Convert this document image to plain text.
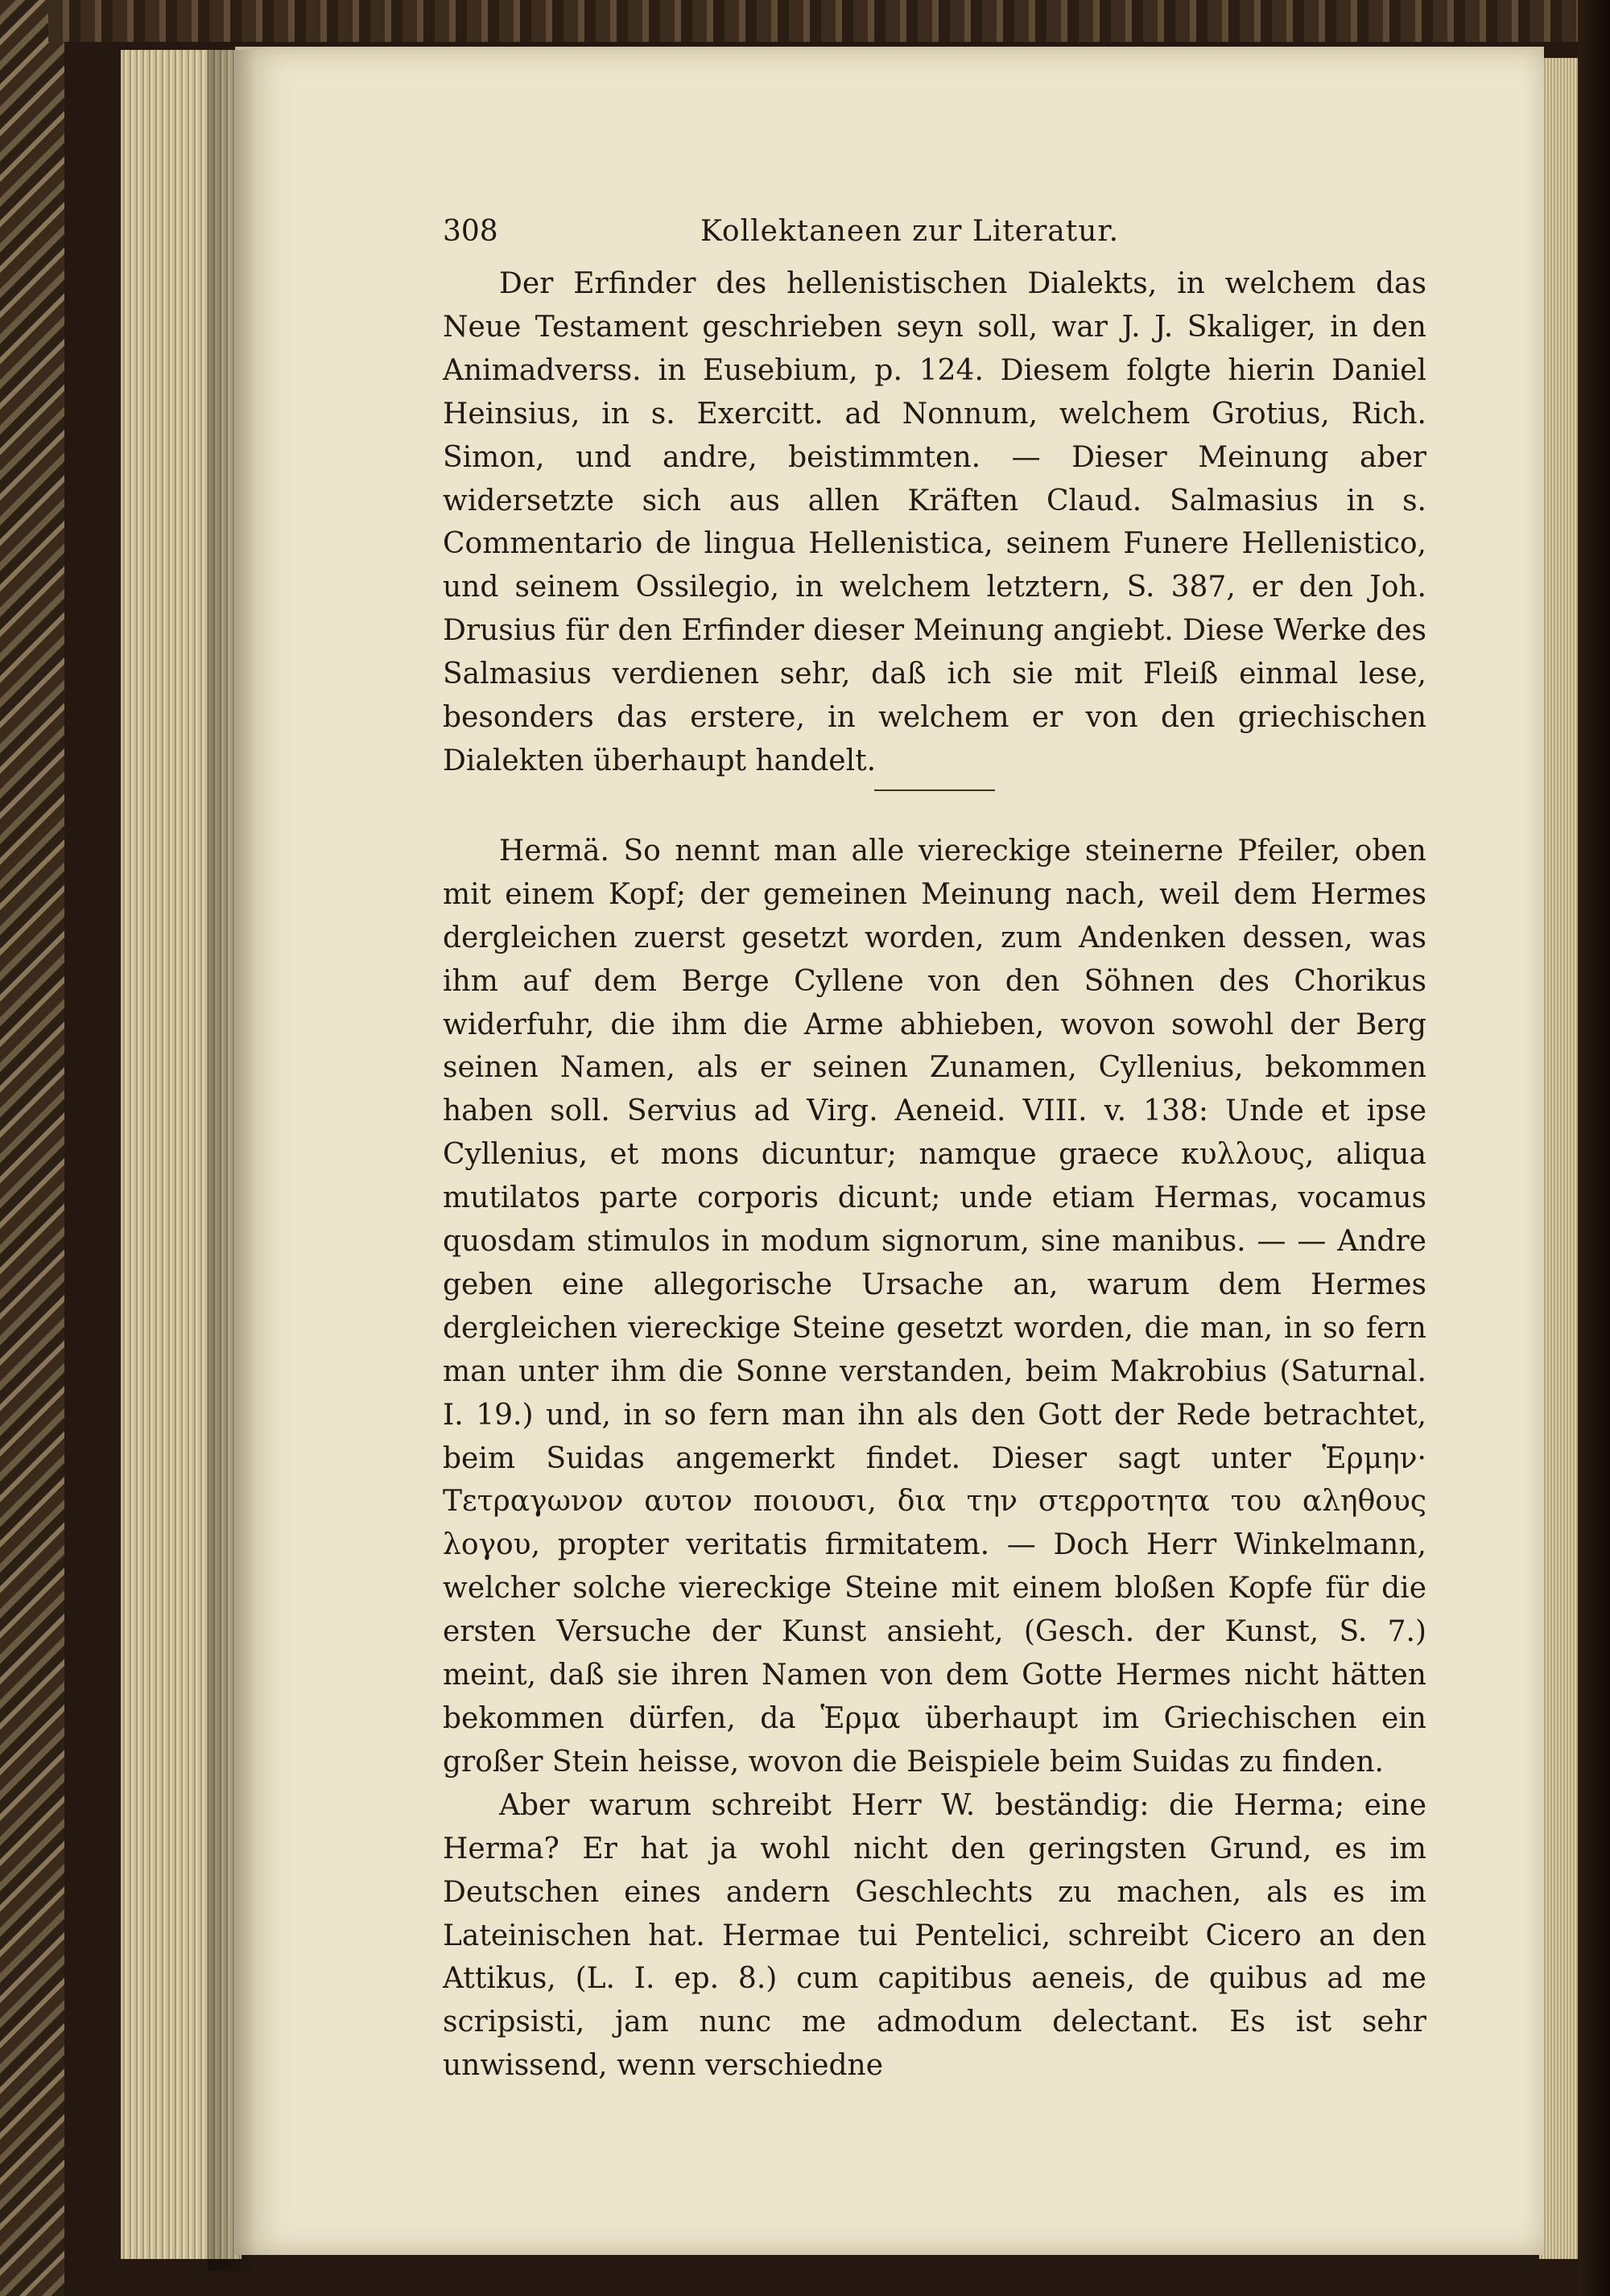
308	Kollektaneen zur Literatur.

Der Erfinder des hellenistischen Dialekts, in welchem das Neue Testament geschrieben seyn soll, war J. J. Skaliger, in den Animadverss. in Eusebium, p. 124. Diesem folgte hierin Daniel Heinsius, in s. Exercitt. ad Nonnum, welchem Grotius, Rich. Simon, und andre, beistimmten. — Dieser Meinung aber widersetzte sich aus allen Kräften Claud. Salmasius in s. Commentario de lingua Hellenistica, seinem Funere Hellenistico, und seinem Ossilegio, in welchem letztern, S. 387, er den Joh. Drusius für den Erfinder dieser Meinung angiebt. Diese Werke des Salmasius verdienen sehr, daß ich sie mit Fleiß einmal lese, besonders das erstere, in welchem er von den griechischen Dialekten überhaupt handelt.

Hermä. So nennt man alle viereckige steinerne Pfeiler, oben mit einem Kopf; der gemeinen Meinung nach, weil dem Hermes dergleichen zuerst gesetzt worden, zum Andenken dessen, was ihm auf dem Berge Cyllene von den Söhnen des Chorikus widerfuhr, die ihm die Arme abhieben, wovon sowohl der Berg seinen Namen, als er seinen Zunamen, Cyllenius, bekommen haben soll. Servius ad Virg. Aeneid. VIII. v. 138: Unde et ipse Cyllenius, et mons dicuntur; namque graece κυλλους, aliqua mutilatos parte corporis dicunt; unde etiam Hermas, vocamus quosdam stimulos in modum signorum, sine manibus. — — Andre geben eine allegorische Ursache an, warum dem Hermes dergleichen viereckige Steine gesetzt worden, die man, in so fern man unter ihm die Sonne verstanden, beim Makrobius (Saturnal. I. 19.) und, in so fern man ihn als den Gott der Rede betrachtet, beim Suidas angemerkt findet. Dieser sagt unter Ἑρμην· Τετραγωνον αυτον ποιουσι, δια την στερροτητα του αληθους λογου, propter veritatis firmitatem. — Doch Herr Winkelmann, welcher solche viereckige Steine mit einem bloßen Kopfe für die ersten Versuche der Kunst ansieht, (Gesch. der Kunst, S. 7.) meint, daß sie ihren Namen von dem Gotte Hermes nicht hätten bekommen dürfen, da Ἑρμα überhaupt im Griechischen ein großer Stein heisse, wovon die Beispiele beim Suidas zu finden.

Aber warum schreibt Herr W. beständig: die Herma; eine Herma? Er hat ja wohl nicht den geringsten Grund, es im Deutschen eines andern Geschlechts zu machen, als es im Lateinischen hat. Hermae tui Pentelici, schreibt Cicero an den Attikus, (L. I. ep. 8.) cum capitibus aeneis, de quibus ad me scripsisti, jam nunc me admodum delectant. Es ist sehr unwissend, wenn verschiedne
